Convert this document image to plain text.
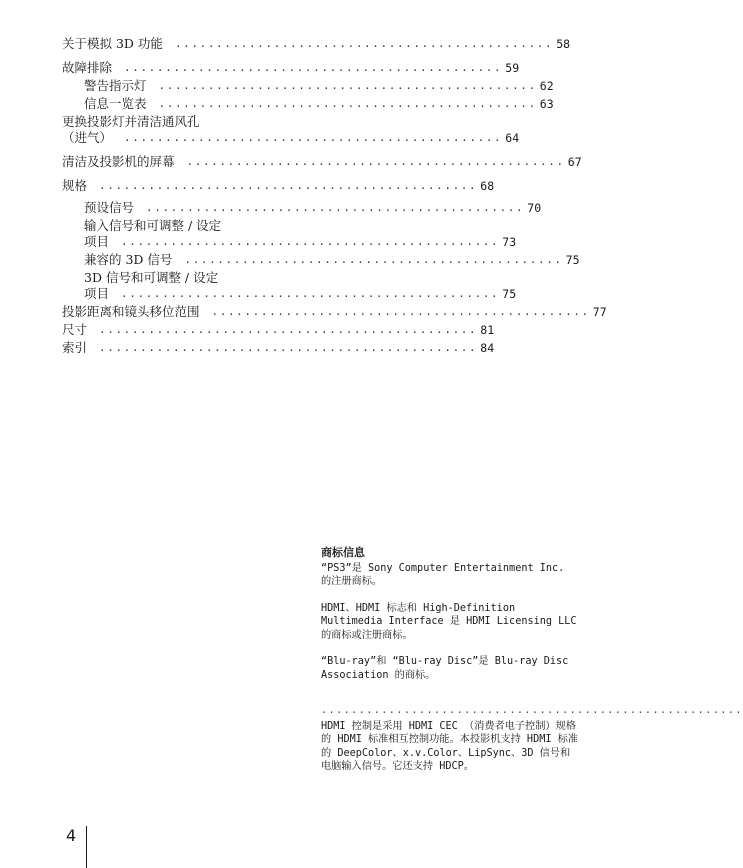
关于模拟 3D 功能 .............................................. 58
故障排除 .............................................. 59
警告指示灯 .............................................. 62
信息一览表 .............................................. 63
更换投影灯并清洁通风孔
（进气） .............................................. 64
清洁及投影机的屏幕 .............................................. 67
规格 .............................................. 68
预设信号 .............................................. 70
输入信号和可调整 / 设定
项目 .............................................. 73
兼容的 3D 信号 .............................................. 75
3D 信号和可调整 / 设定
项目 .............................................. 75
投影距离和镜头移位范围 .............................................. 77
尺寸 .............................................. 81
索引 .............................................. 84
商标信息

“PS3”是 Sony Computer Entertainment Inc. 的注册商标。

HDMI、HDMI 标志和 High-Definition Multimedia Interface 是 HDMI Licensing LLC 的商标或注册商标。

“Blu-ray”和 “Blu-ray Disc”是 Blu-ray Disc Association 的商标。

........................................................
HDMI 控制是采用 HDMI CEC （消费者电子控制）规格的 HDMI 标准相互控制功能。本投影机支持 HDMI 标准的 DeepColor、x.v.Color、LipSync、3D 信号和电脑输入信号。它还支持 HDCP。
4
